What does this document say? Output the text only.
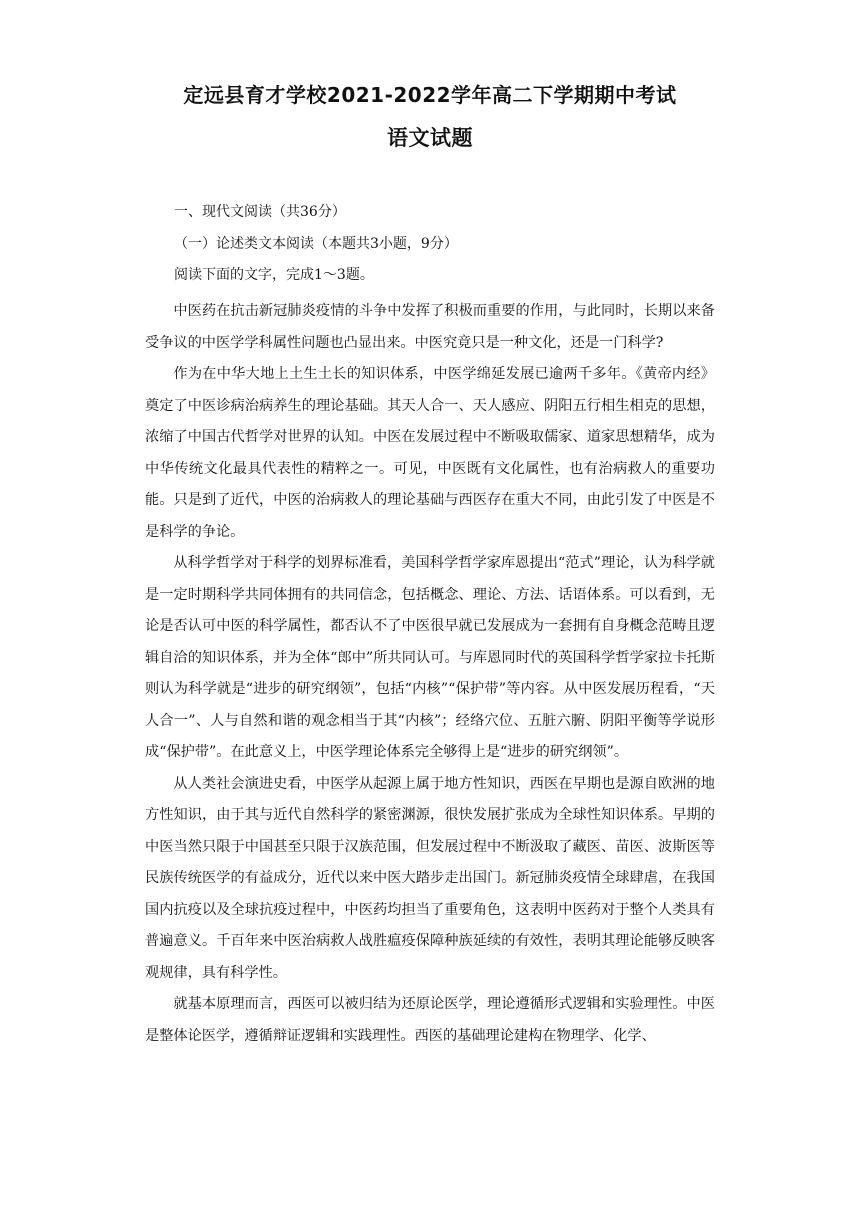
定远县育才学校2021-2022学年高二下学期期中考试
语文试题
一、现代文阅读（共36分）
（一）论述类文本阅读（本题共3小题，9分）
阅读下面的文字，完成1～3题。

中医药在抗击新冠肺炎疫情的斗争中发挥了积极而重要的作用，与此同时，长期以来备受争议的中医学学科属性问题也凸显出来。中医究竟只是一种文化，还是一门科学?

作为在中华大地上土生土长的知识体系，中医学绵延发展已逾两千多年。《黄帝内经》奠定了中医诊病治病养生的理论基础。其天人合一、天人感应、阴阳五行相生相克的思想，浓缩了中国古代哲学对世界的认知。中医在发展过程中不断吸取儒家、道家思想精华，成为中华传统文化最具代表性的精粹之一。可见，中医既有文化属性，也有治病救人的重要功能。只是到了近代，中医的治病救人的理论基础与西医存在重大不同，由此引发了中医是不是科学的争论。

从科学哲学对于科学的划界标准看，美国科学哲学家库恩提出“范式”理论，认为科学就是一定时期科学共同体拥有的共同信念，包括概念、理论、方法、话语体系。可以看到，无论是否认可中医的科学属性，都否认不了中医很早就已发展成为一套拥有自身概念范畴且逻辑自洽的知识体系，并为全体“郎中”所共同认可。与库恩同时代的英国科学哲学家拉卡托斯则认为科学就是“进步的研究纲领”，包括“内核”“保护带”等内容。从中医发展历程看，“天人合一”、人与自然和谐的观念相当于其“内核”；经络穴位、五脏六腑、阴阳平衡等学说形成“保护带”。在此意义上，中医学理论体系完全够得上是“进步的研究纲领”。

从人类社会演进史看，中医学从起源上属于地方性知识，西医在早期也是源自欧洲的地方性知识，由于其与近代自然科学的紧密渊源，很快发展扩张成为全球性知识体系。早期的中医当然只限于中国甚至只限于汉族范围，但发展过程中不断汲取了藏医、苗医、波斯医等民族传统医学的有益成分，近代以来中医大踏步走出国门。新冠肺炎疫情全球肆虐，在我国国内抗疫以及全球抗疫过程中，中医药均担当了重要角色，这表明中医药对于整个人类具有普遍意义。千百年来中医治病救人战胜瘟疫保障种族延续的有效性，表明其理论能够反映客观规律，具有科学性。

就基本原理而言，西医可以被归结为还原论医学，理论遵循形式逻辑和实验理性。中医是整体论医学，遵循辩证逻辑和实践理性。西医的基础理论建构在物理学、化学、
